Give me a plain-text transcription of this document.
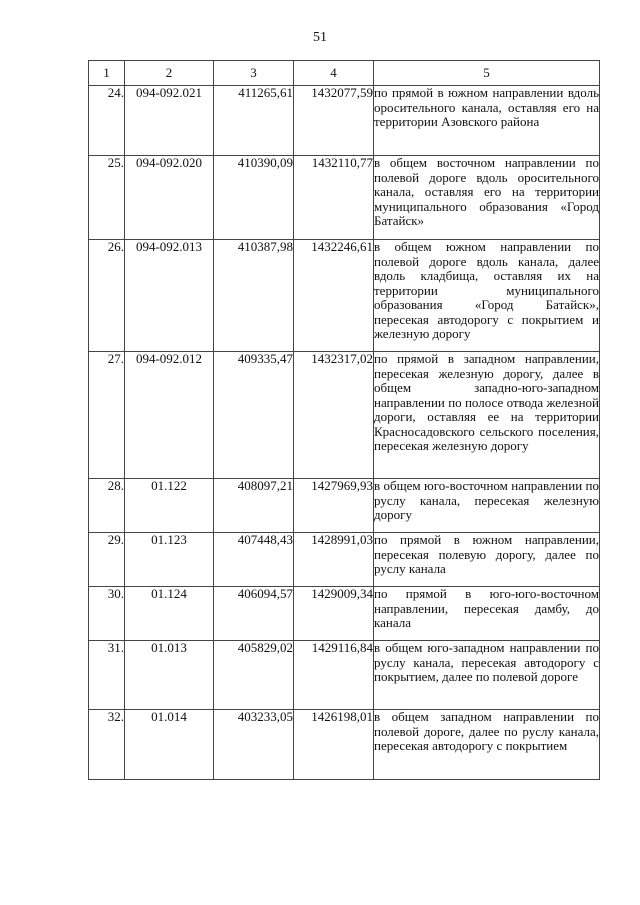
51
1	2	3	4	5
24.	094-092.021	411265,61	1432077,59	по прямой в южном направлении вдоль оросительного канала, оставляя его на территории Азовского района
25.	094-092.020	410390,09	1432110,77	в общем восточном направлении по полевой дороге вдоль оросительного канала, оставляя его на территории муниципального образования «Город Батайск»
26.	094-092.013	410387,98	1432246,61	в общем южном направлении по полевой дороге вдоль канала, далее вдоль кладбища, оставляя их на территории муниципального образования «Город Батайск», пересекая автодорогу с покрытием и железную дорогу
27.	094-092.012	409335,47	1432317,02	по прямой в западном направлении, пересекая железную дорогу, далее в общем западно-юго-западном направлении по полосе отвода железной дороги, оставляя ее на территории Красносадовского сельского поселения, пересекая железную дорогу
28.	01.122	408097,21	1427969,93	в общем юго-восточном направлении по руслу канала, пересекая железную дорогу
29.	01.123	407448,43	1428991,03	по прямой в южном направлении, пересекая полевую дорогу, далее по руслу канала
30.	01.124	406094,57	1429009,34	по прямой в юго-юго-восточном направлении, пересекая дамбу, до канала
31.	01.013	405829,02	1429116,84	в общем юго-западном направлении по руслу канала, пересекая автодорогу с покрытием, далее по полевой дороге
32.	01.014	403233,05	1426198,01	в общем западном направлении по полевой дороге, далее по руслу канала, пересекая автодорогу с покрытием
